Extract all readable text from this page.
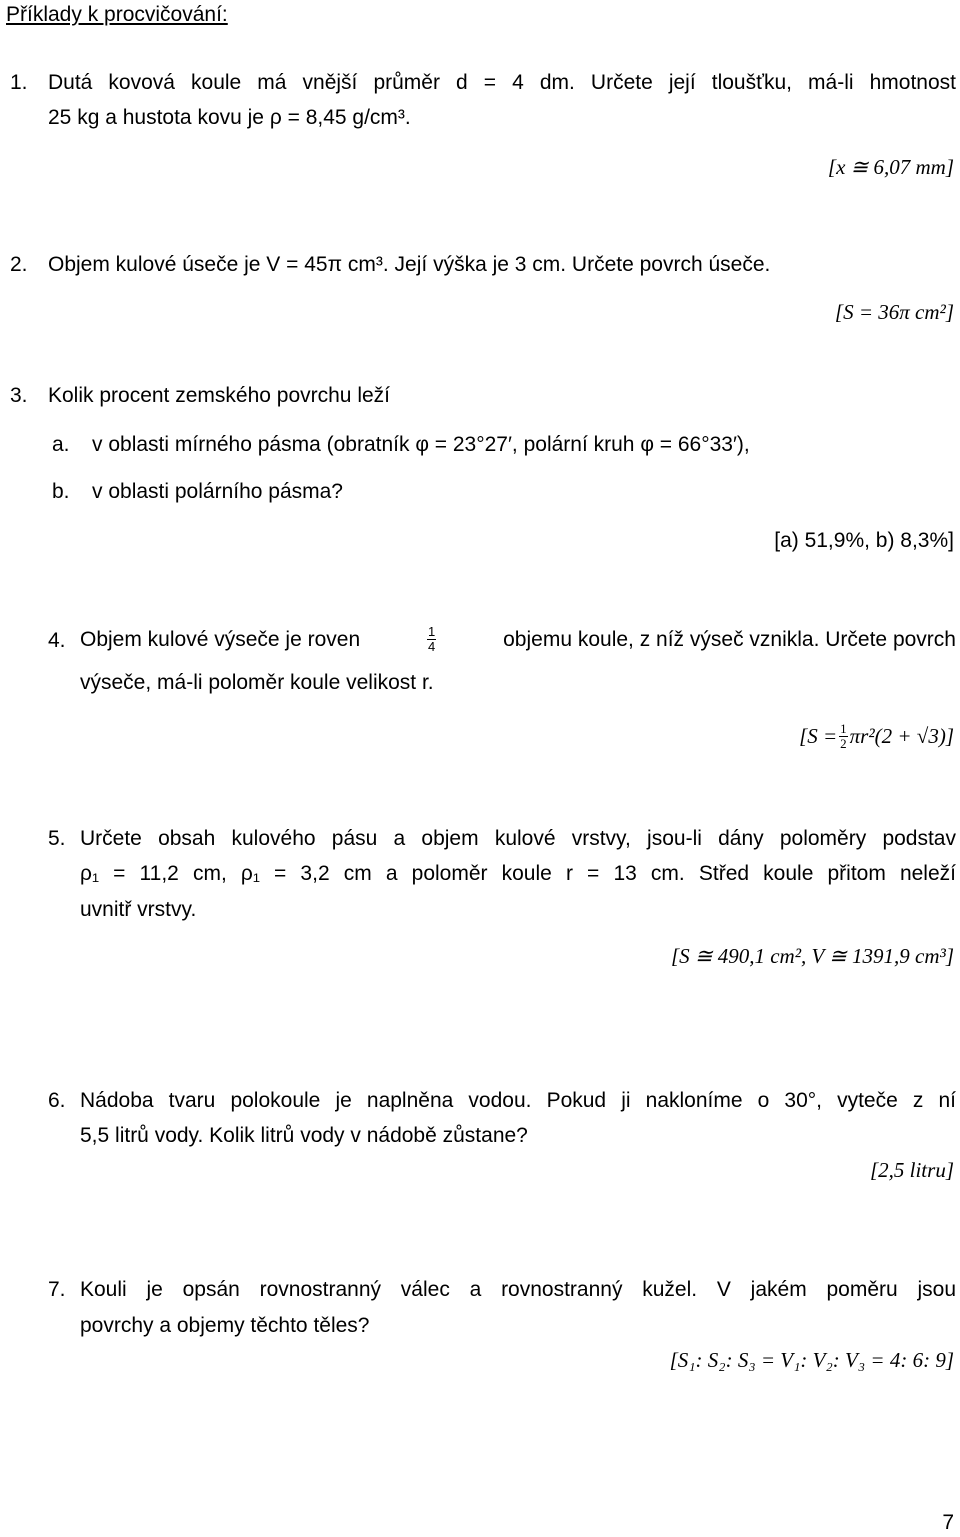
Příklady k procvičování:
1. Dutá kovová koule má vnější průměr d = 4 dm. Určete její tloušťku, má-li hmotnost
25 kg a hustota kovu je ρ = 8,45 g/cm³.
[x ≅ 6,07 mm]
2. Objem kulové úseče je V = 45π cm³. Její výška je 3 cm. Určete povrch úseče.
[S = 36π cm²]
3. Kolik procent zemského povrchu leží
a. v oblasti mírného pásma (obratník φ = 23°27′, polární kruh φ = 66°33′),
b. v oblasti polárního pásma?
[a) 51,9%, b) 8,3%]
4. Objem kulové výseče je roven	$\frac{1}{4}$	objemu koule, z níž výseč vznikla. Určete povrch
výseče, má-li poloměr koule velikost r.
$[S = \frac{1}{2} \pi r^2(2 + √3)]$
5. Určete obsah kulového pásu a objem kulové vrstvy, jsou-li dány poloměry podstav
ρ₁ = 11,2 cm, ρ₁ = 3,2 cm a poloměr koule r = 13 cm. Střed koule přitom neleží
uvnitř vrstvy.
[S ≅ 490,1 cm², V ≅ 1391,9 cm³]
6. Nádoba tvaru polokoule je naplněna vodou. Pokud ji nakloníme o 30°, vyteče z ní
5,5 litrů vody. Kolik litrů vody v nádobě zůstane?
[2,5 litru]
7. Kouli je opsán rovnostranný válec a rovnostranný kužel. V jakém poměru jsou
povrchy a objemy těchto těles?
[S₁: S₂: S₃ = V₁: V₂: V₃ = 4: 6: 9]
7
